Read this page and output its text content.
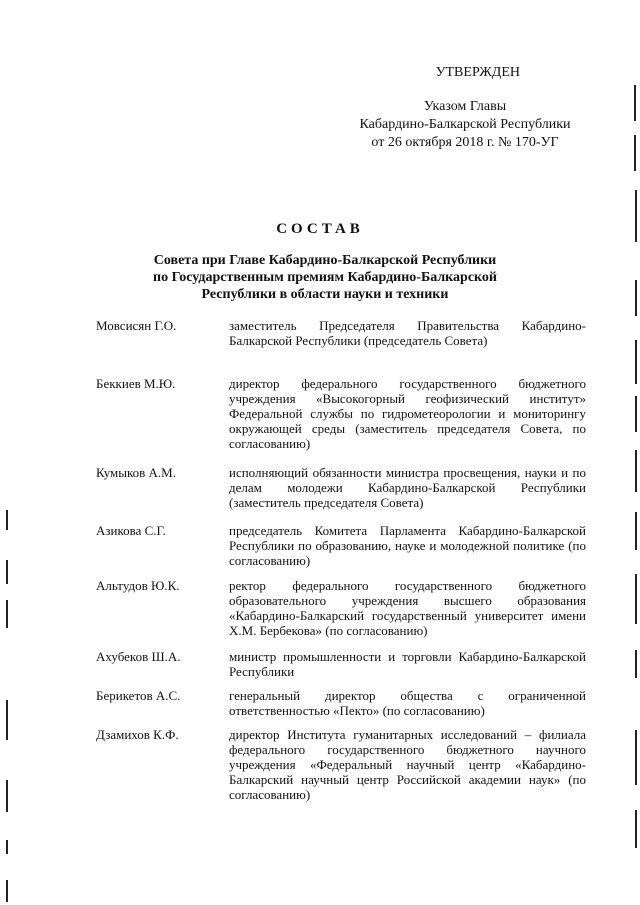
УТВЕРЖДЕН
Указом Главы
Кабардино-Балкарской Республики
от 26 октября 2018 г. № 170-УГ
СОСТАВ
Совета при Главе Кабардино-Балкарской Республики
по Государственным премиям Кабардино-Балкарской
Республики в области науки и техники
Мовсисян Г.О.	заместитель Председателя Правительства Кабардино-Балкарской Республики (председатель Совета)
Беккиев М.Ю.	директор федерального государственного бюджетного учреждения «Высокогорный геофизический институт» Федеральной службы по гидрометеорологии и мониторингу окружающей среды (заместитель председателя Совета, по согласованию)
Кумыков А.М.	исполняющий обязанности министра просвещения, науки и по делам молодежи Кабардино-Балкарской Республики (заместитель председателя Совета)
Азикова С.Г.	председатель Комитета Парламента Кабардино-Балкарской Республики по образованию, науке и молодежной политике (по согласованию)
Альтудов Ю.К.	ректор федерального государственного бюджетного образовательного учреждения высшего образования «Кабардино-Балкарский государственный университет имени Х.М. Бербекова» (по согласованию)
Ахубеков Ш.А.	министр промышленности и торговли Кабардино-Балкарской Республики
Берикетов А.С.	генеральный директор общества с ограниченной ответственностью «Пекто» (по согласованию)
Дзамихов К.Ф.	директор Института гуманитарных исследований – филиала федерального государственного бюджетного научного учреждения «Федеральный научный центр «Кабардино-Балкарский научный центр Российской академии наук» (по согласованию)
